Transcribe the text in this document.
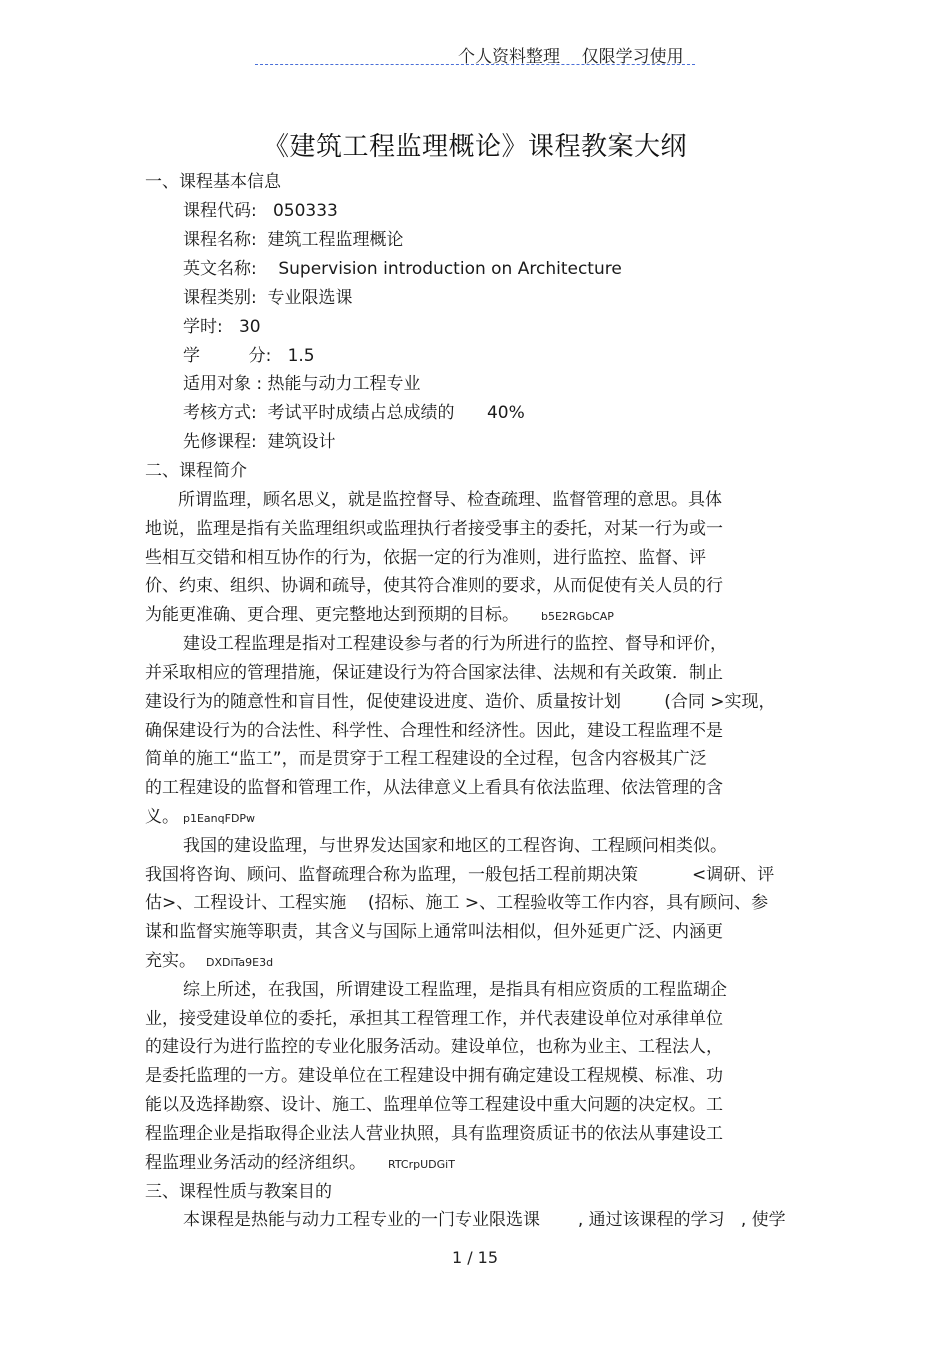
个人资料整理    仅限学习使用
《建筑工程监理概论》课程教案大纲
一、课程基本信息
课程代码:   050333
课程名称:  建筑工程监理概论
英文名称:    Supervision introduction on Architecture
课程类别:  专业限选课
学时:   30
学         分:   1.5
适用对象 : 热能与动力工程专业
考核方式:  考试平时成绩占总成绩的      40%
先修课程:  建筑设计
二、课程简介
所谓监理，顾名思义，就是监控督导、检查疏理、监督管理的意思。具体
地说，监理是指有关监理组织或监理执行者接受事主的委托，对某一行为或一
些相互交错和相互协作的行为，依据一定的行为准则，进行监控、监督、评
价、约束、组织、协调和疏导，使其符合准则的要求，从而促使有关人员的行
为能更准确、更合理、更完整地达到预期的目标。 b5E2RGbCAP
建设工程监理是指对工程建设参与者的行为所进行的监控、督导和评价，
并采取相应的管理措施，保证建设行为符合国家法律、法规和有关政策．制止
建设行为的随意性和盲目性，促使建设进度、造价、质量按计划        (合同 >实现，
确保建设行为的合法性、科学性、合理性和经济性。因此，建设工程监理不是
简单的施工“监工”，而是贯穿于工程工程建设的全过程，包含内容极其广泛
的工程建设的监督和管理工作，从法律意义上看具有依法监理、依法管理的含
义。 p1EanqFDPw
我国的建设监理，与世界发达国家和地区的工程咨询、工程顾问相类似。
我国将咨询、顾问、监督疏理合称为监理，一般包括工程前期决策          <调研、评
估>、工程设计、工程实施    (招标、施工 >、工程验收等工作内容，具有顾问、参
谋和监督实施等职责，其含义与国际上通常叫法相似，但外延更广泛、内涵更
充实。 DXDiTa9E3d
综上所述，在我国，所谓建设工程监理，是指具有相应资质的工程监瑚企
业，接受建设单位的委托，承担其工程管理工作，并代表建设单位对承律单位
的建设行为进行监控的专业化服务活动。建设单位，也称为业主、工程法人，
是委托监理的一方。建设单位在工程建设中拥有确定建设工程规模、标准、功
能以及选择勘察、设计、施工、监理单位等工程建设中重大问题的决定权。工
程监理企业是指取得企业法人营业执照，具有监理资质证书的依法从事建设工
程监理业务活动的经济组织。 RTCrpUDGiT
三、课程性质与教案目的
本课程是热能与动力工程专业的一门专业限选课       , 通过该课程的学习   , 使学
1 / 15
